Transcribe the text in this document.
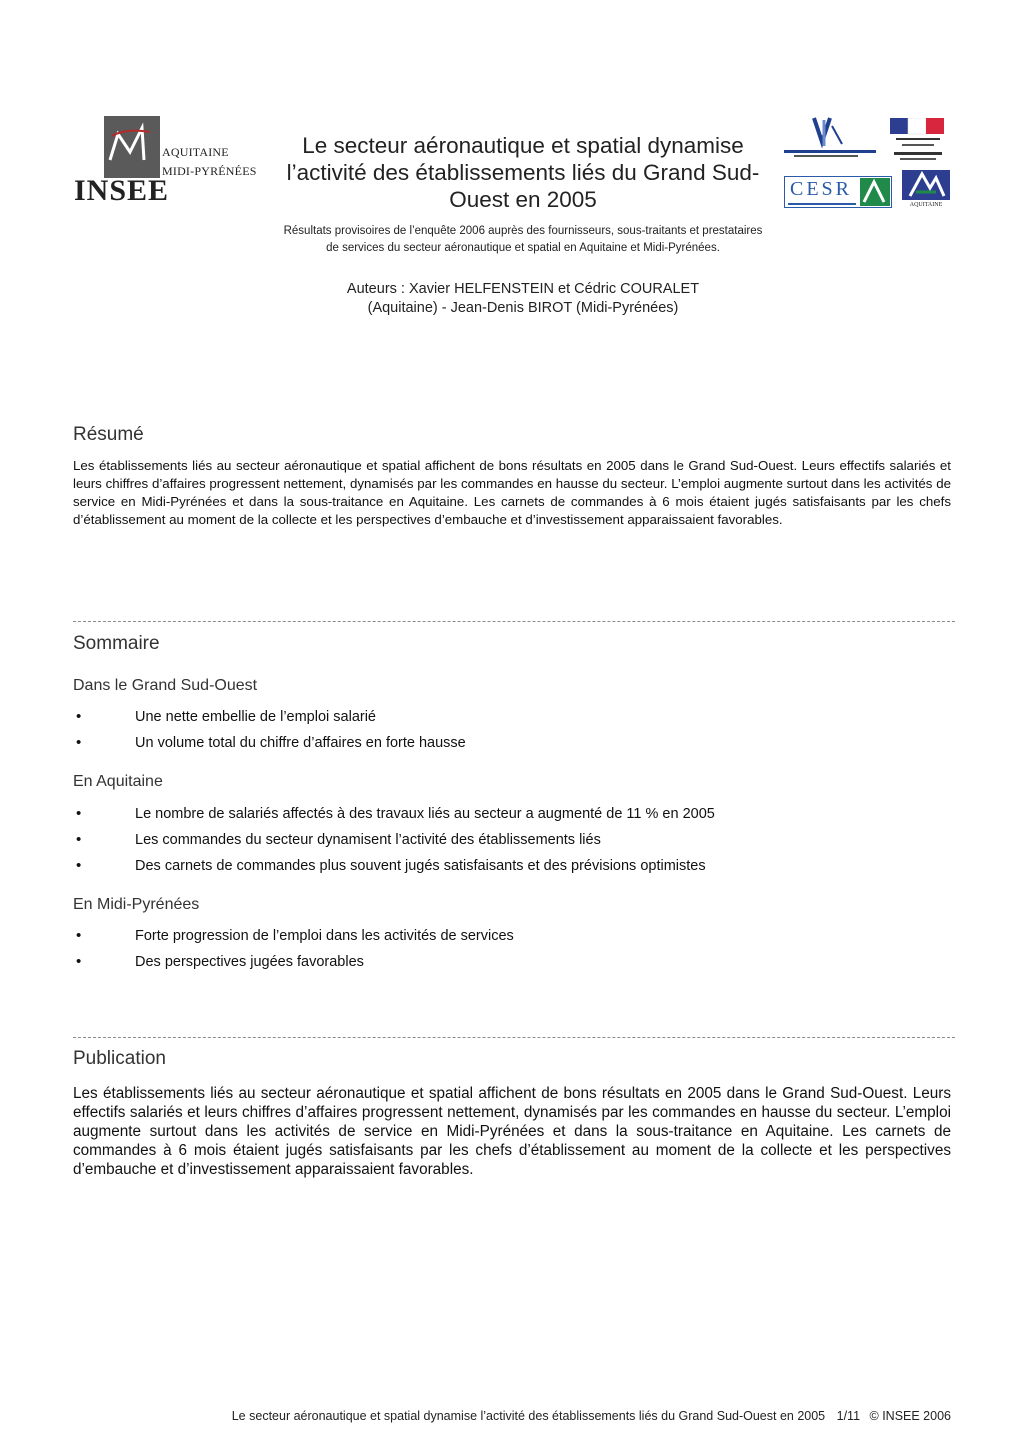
AQUITAINE
MIDI-PYRÉNÉES
INSEE
Le secteur aéronautique et spatial dynamise l’activité des établissements liés du Grand Sud-Ouest en 2005
Résultats provisoires de l’enquête 2006 auprès des fournisseurs, sous-traitants et prestataires de services du secteur aéronautique et spatial en Aquitaine et Midi-Pyrénées.
Auteurs : Xavier HELFENSTEIN et Cédric COURALET
(Aquitaine) - Jean-Denis BIROT (Midi-Pyrénées)
CESR
AQUITAINE
Résumé
Les établissements liés au secteur aéronautique et spatial affichent de bons résultats en 2005 dans le Grand Sud-Ouest. Leurs effectifs salariés et leurs chiffres d’affaires progressent nettement, dynamisés par les commandes en hausse du secteur. L’emploi augmente surtout dans les activités de service en Midi-Pyrénées et dans la sous-traitance en Aquitaine. Les carnets de commandes à 6 mois étaient jugés satisfaisants par les chefs d’établissement au moment de la collecte et les perspectives d’embauche et d’investissement apparaissaient favorables.
Sommaire
Dans le Grand Sud-Ouest
•	Une nette embellie de l’emploi salarié
•	Un volume total du chiffre d’affaires en forte hausse
En Aquitaine
•	Le nombre de salariés affectés à des travaux liés au secteur a augmenté de 11 % en 2005
•	Les commandes du secteur dynamisent l’activité des établissements liés
•	Des carnets de commandes plus souvent jugés satisfaisants et des prévisions optimistes
En Midi-Pyrénées
•	Forte progression de l’emploi dans les activités de services
•	Des perspectives jugées favorables
Publication
Les établissements liés au secteur aéronautique et spatial affichent de bons résultats en 2005 dans le Grand Sud-Ouest. Leurs effectifs salariés et leurs chiffres d’affaires progressent nettement, dynamisés par les commandes en hausse du secteur. L’emploi augmente surtout dans les activités de service en Midi-Pyrénées et dans la sous-traitance en Aquitaine. Les carnets de commandes à 6 mois étaient jugés satisfaisants par les chefs d’établissement au moment de la collecte et les perspectives d’embauche et d’investissement apparaissaient favorables.
Le secteur aéronautique et spatial dynamise l’activité des établissements liés du Grand Sud-Ouest en 2005 1/11 © INSEE 2006
